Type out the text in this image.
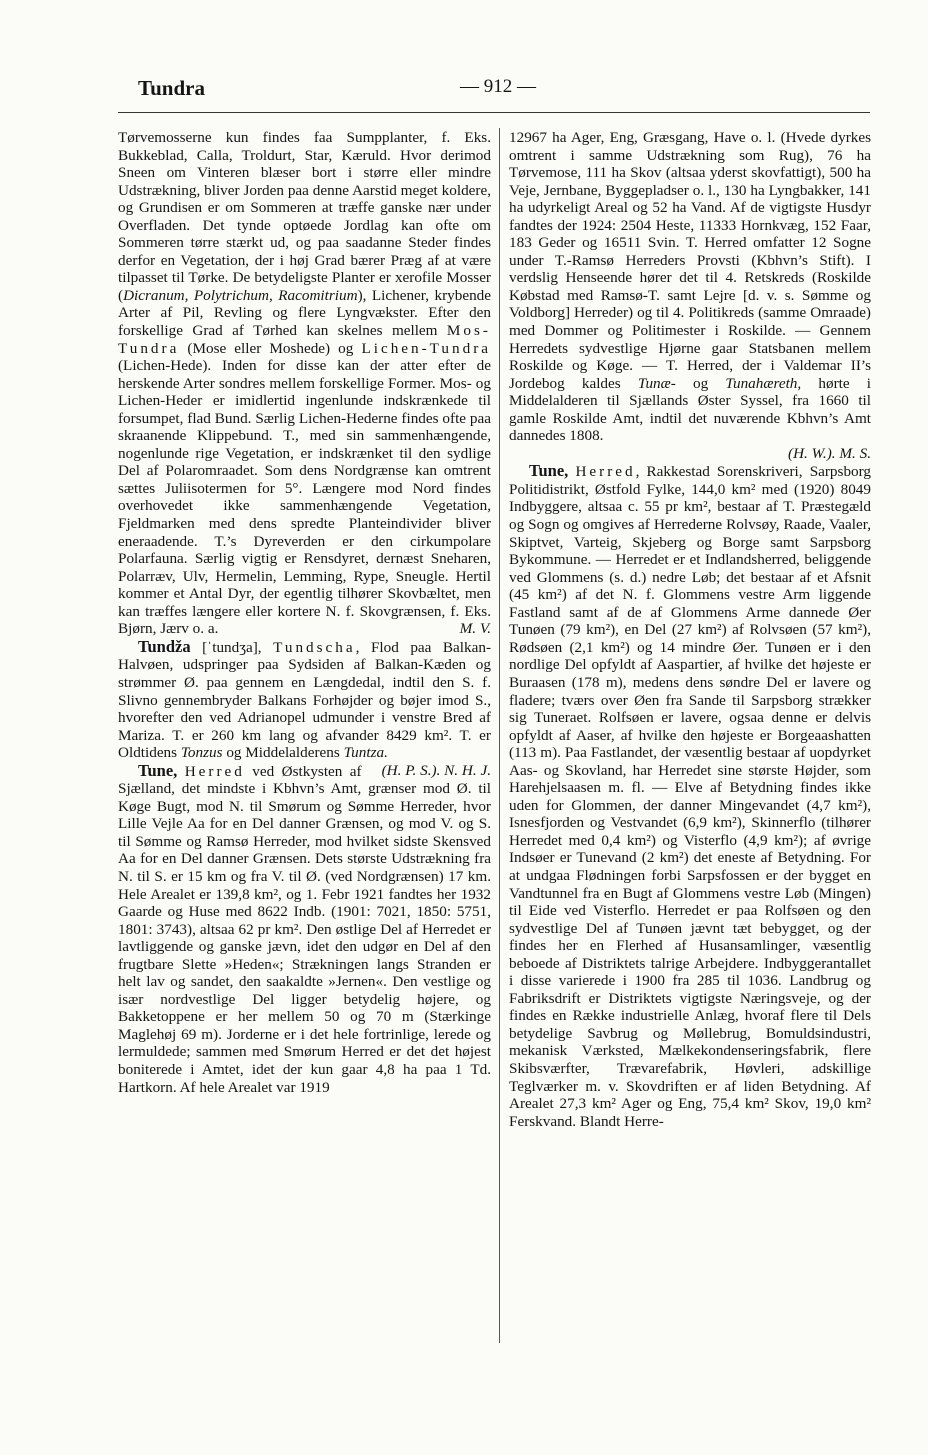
Tundra	— 912 —

Tørvemosserne kun findes faa Sumpplanter, f. Eks. Bukkeblad, Calla, Troldurt, Star, Kæruld. Hvor derimod Sneen om Vinteren blæser bort i større eller mindre Udstrækning, bliver Jorden paa denne Aarstid meget koldere, og Grundisen er om Sommeren at træffe ganske nær under Overfladen. Det tynde optøede Jordlag kan ofte om Sommeren tørre stærkt ud, og paa saadanne Steder findes derfor en Vegetation, der i høj Grad bærer Præg af at være tilpasset til Tørke. De betydeligste Planter er xerofile Mosser (Dicranum, Polytrichum, Racomitrium), Lichener, krybende Arter af Pil, Revling og flere Lyngvækster. Efter den forskellige Grad af Tørhed kan skelnes mellem Mos-Tundra (Mose eller Moshede) og Lichen-Tundra (Lichen-Hede). Inden for disse kan der atter efter de herskende Arter sondres mellem forskellige Former. Mos- og Lichen-Heder er imidlertid ingenlunde indskrænkede til forsumpet, flad Bund. Særlig Lichen-Hederne findes ofte paa skraanende Klippebund. T., med sin sammenhængende, nogenlunde rige Vegetation, er indskrænket til den sydlige Del af Polaromraadet. Som dens Nordgrænse kan omtrent sættes Juliisotermen for 5°. Længere mod Nord findes overhovedet ikke sammenhængende Vegetation, Fjeldmarken med dens spredte Planteindivider bliver eneraadende. T.’s Dyreverden er den cirkumpolare Polarfauna. Særlig vigtig er Rensdyret, dernæst Sneharen, Polarræv, Ulv, Hermelin, Lemming, Rype, Sneugle. Hertil kommer et Antal Dyr, der egentlig tilhører Skovbæltet, men kan træffes længere eller kortere N. f. Skovgrænsen, f. Eks. Bjørn, Jærv o. a.	M. V.

Tundža [ˈtundʒa], Tundscha, Flod paa Balkan-Halvøen, udspringer paa Sydsiden af Balkan-Kæden og strømmer Ø. paa gennem en Længdedal, indtil den S. f. Slivno gennembryder Balkans Forhøjder og bøjer imod S., hvorefter den ved Adrianopel udmunder i venstre Bred af Mariza. T. er 260 km lang og afvander 8429 km². T. er Oldtidens Tonzus og Middelalderens Tuntza.
(H. P. S.). N. H. J.

Tune, Herred ved Østkysten af Sjælland, det mindste i Kbhvn’s Amt, grænser mod Ø. til Køge Bugt, mod N. til Smørum og Sømme Herreder, hvor Lille Vejle Aa for en Del danner Grænsen, og mod V. og S. til Sømme og Ramsø Herreder, mod hvilket sidste Skensved Aa for en Del danner Grænsen. Dets største Udstrækning fra N. til S. er 15 km og fra V. til Ø. (ved Nordgrænsen) 17 km. Hele Arealet er 139,8 km², og 1. Febr 1921 fandtes her 1932 Gaarde og Huse med 8622 Indb. (1901: 7021, 1850: 5751, 1801: 3743), altsaa 62 pr km². Den østlige Del af Herredet er lavtliggende og ganske jævn, idet den udgør en Del af den frugtbare Slette »Heden«; Strækningen langs Stranden er helt lav og sandet, den saakaldte »Jernen«. Den vestlige og især nordvestlige Del ligger betydelig højere, og Bakketoppene er her mellem 50 og 70 m (Stærkinge Maglehøj 69 m). Jorderne er i det hele fortrinlige, lerede og lermuldede; sammen med Smørum Herred er det det højest boniterede i Amtet, idet der kun gaar 4,8 ha paa 1 Td. Hartkorn. Af hele Arealet var 1919

12967 ha Ager, Eng, Græsgang, Have o. l. (Hvede dyrkes omtrent i samme Udstrækning som Rug), 76 ha Tørvemose, 111 ha Skov (altsaa yderst skovfattigt), 500 ha Veje, Jernbane, Byggepladser o. l., 130 ha Lyngbakker, 141 ha udyrkeligt Areal og 52 ha Vand. Af de vigtigste Husdyr fandtes der 1924: 2504 Heste, 11333 Hornkvæg, 152 Faar, 183 Geder og 16511 Svin. T. Herred omfatter 12 Sogne under T.-Ramsø Herreders Provsti (Kbhvn’s Stift). I verdslig Henseende hører det til 4. Retskreds (Roskilde Købstad med Ramsø-T. samt Lejre [d. v. s. Sømme og Voldborg] Herreder) og til 4. Politikreds (samme Omraade) med Dommer og Politimester i Roskilde. — Gennem Herredets sydvestlige Hjørne gaar Statsbanen mellem Roskilde og Køge. — T. Herred, der i Valdemar II’s Jordebog kaldes Tunæ- og Tunahæreth, hørte i Middelalderen til Sjællands Øster Syssel, fra 1660 til gamle Roskilde Amt, indtil det nuværende Kbhvn’s Amt dannedes 1808.
(H. W.). M. S.

Tune, Herred, Rakkestad Sorenskriveri, Sarpsborg Politidistrikt, Østfold Fylke, 144,0 km² med (1920) 8049 Indbyggere, altsaa c. 55 pr km², bestaar af T. Præstegæld og Sogn og omgives af Herrederne Rolvsøy, Raade, Vaaler, Skiptvet, Varteig, Skjeberg og Borge samt Sarpsborg Bykommune. — Herredet er et Indlandsherred, beliggende ved Glommens (s. d.) nedre Løb; det bestaar af et Afsnit (45 km²) af det N. f. Glommens vestre Arm liggende Fastland samt af de af Glommens Arme dannede Øer Tunøen (79 km²), en Del (27 km²) af Rolvsøen (57 km²), Rødsøen (2,1 km²) og 14 mindre Øer. Tunøen er i den nordlige Del opfyldt af Aaspartier, af hvilke det højeste er Buraasen (178 m), medens dens søndre Del er lavere og fladere; tværs over Øen fra Sande til Sarpsborg strækker sig Tuneraet. Rolfsøen er lavere, ogsaa denne er delvis opfyldt af Aaser, af hvilke den højeste er Borgeaashatten (113 m). Paa Fastlandet, der væsentlig bestaar af uopdyrket Aas- og Skovland, har Herredet sine største Højder, som Harehjelsaasen m. fl. — Elve af Betydning findes ikke uden for Glommen, der danner Mingevandet (4,7 km²), Isnesfjorden og Vestvandet (6,9 km²), Skinnerflo (tilhører Herredet med 0,4 km²) og Visterflo (4,9 km²); af øvrige Indsøer er Tunevand (2 km²) det eneste af Betydning. For at undgaa Flødningen forbi Sarpsfossen er der bygget en Vandtunnel fra en Bugt af Glommens vestre Løb (Mingen) til Eide ved Visterflo. Herredet er paa Rolfsøen og den sydvestlige Del af Tunøen jævnt tæt bebygget, og der findes her en Flerhed af Husansamlinger, væsentlig beboede af Distriktets talrige Arbejdere. Indbyggerantallet i disse varierede i 1900 fra 285 til 1036. Landbrug og Fabriksdrift er Distriktets vigtigste Næringsveje, og der findes en Række industrielle Anlæg, hvoraf flere til Dels betydelige Savbrug og Møllebrug, Bomuldsindustri, mekanisk Værksted, Mælkekondenseringsfabrik, flere Skibsværfter, Trævarefabrik, Høvleri, adskillige Teglværker m. v. Skovdriften er af liden Betydning. Af Arealet 27,3 km² Ager og Eng, 75,4 km² Skov, 19,0 km² Ferskvand. Blandt Herre-
